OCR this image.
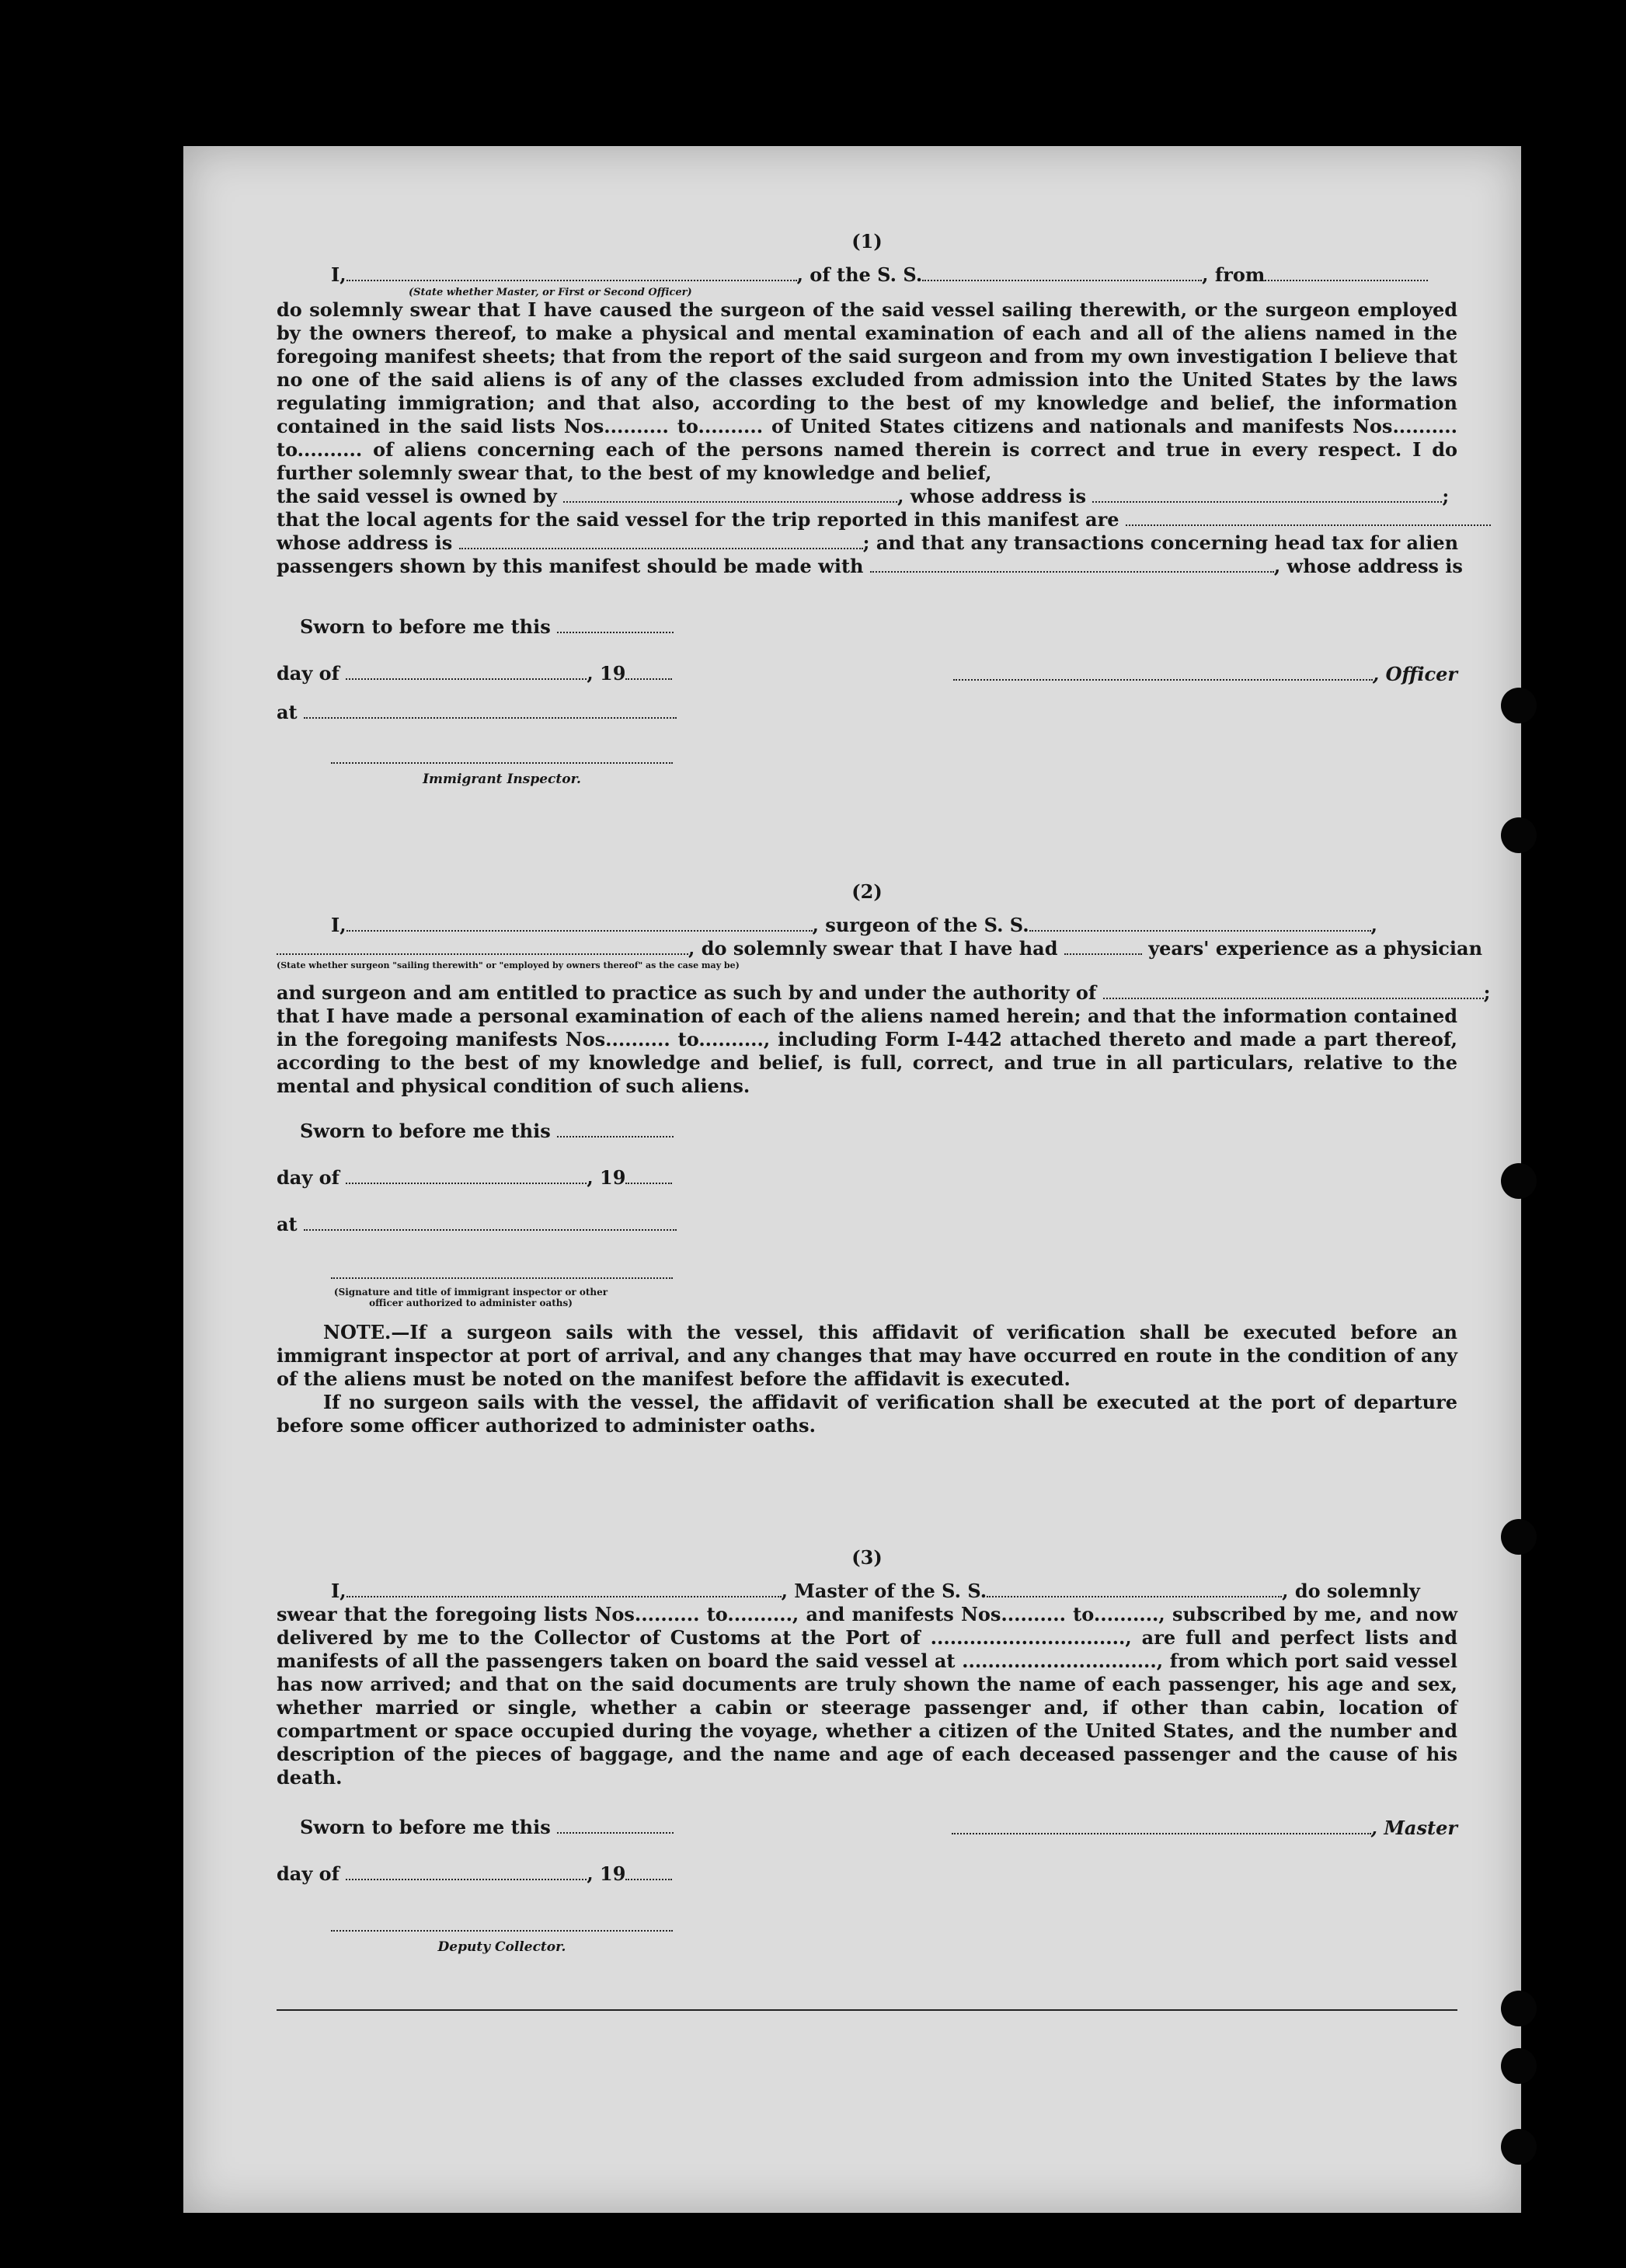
(1)
I,	, of the S. S.	, from
(State whether Master, or First or Second Officer)
do solemnly swear that I have caused the surgeon of the said vessel sailing therewith, or the surgeon employed by the owners thereof, to make a physical and mental examination of each and all of the aliens named in the foregoing manifest sheets; that from the report of the said surgeon and from my own investigation I believe that no one of the said aliens is of any of the classes excluded from admission into the United States by the laws regulating immigration; and that also, according to the best of my knowledge and belief, the information contained in the said lists Nos.......... to.......... of United States citizens and nationals and manifests Nos.......... to.......... of aliens concerning each of the persons named therein is correct and true in every respect. I do further solemnly swear that, to the best of my knowledge and belief,
the said vessel is owned by	, whose address is	;
that the local agents for the said vessel for the trip reported in this manifest are
whose address is	; and that any transactions concerning head tax for alien
passengers shown by this manifest should be made with	, whose address is
Sworn to before me this
day of	, 19	, Officer
at
Immigrant Inspector.
(2)
I,	, surgeon of the S. S.	,
, do solemnly swear that I have had	years' experience as a physician
(State whether surgeon "sailing therewith" or "employed by owners thereof" as the case may be)
and surgeon and am entitled to practice as such by and under the authority of	;
that I have made a personal examination of each of the aliens named herein; and that the information contained in the foregoing manifests Nos.......... to.........., including Form I-442 attached thereto and made a part thereof, according to the best of my knowledge and belief, is full, correct, and true in all particulars, relative to the mental and physical condition of such aliens.
Sworn to before me this
day of	, 19
at
(Signature and title of immigrant inspector or other officer authorized to administer oaths)
NOTE.—If a surgeon sails with the vessel, this affidavit of verification shall be executed before an immigrant inspector at port of arrival, and any changes that may have occurred en route in the condition of any of the aliens must be noted on the manifest before the affidavit is executed.
If no surgeon sails with the vessel, the affidavit of verification shall be executed at the port of departure before some officer authorized to administer oaths.
(3)
I,	, Master of the S. S.	, do solemnly
swear that the foregoing lists Nos.......... to.........., and manifests Nos.......... to.........., subscribed by me, and now delivered by me to the Collector of Customs at the Port of .............................., are full and perfect lists and manifests of all the passengers taken on board the said vessel at .............................., from which port said vessel has now arrived; and that on the said documents are truly shown the name of each passenger, his age and sex, whether married or single, whether a cabin or steerage passenger and, if other than cabin, location of compartment or space occupied during the voyage, whether a citizen of the United States, and the number and description of the pieces of baggage, and the name and age of each deceased passenger and the cause of his death.
Sworn to before me this	, Master
day of	, 19
Deputy Collector.
